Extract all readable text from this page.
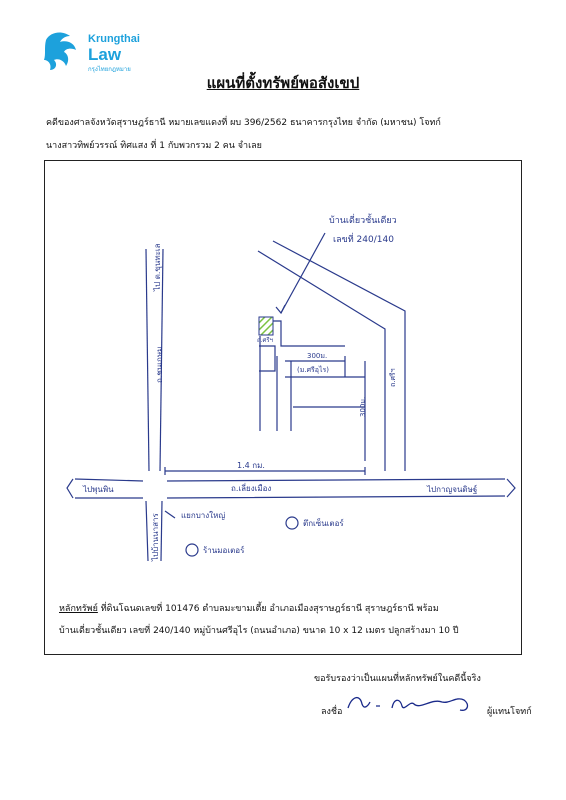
Krungthai
Law
กรุงไทยกฎหมาย
แผนที่ตั้งทรัพย์พอสังเขป
คดีของศาลจังหวัดสุราษฎร์ธานี หมายเลขแดงที่ ผบ 396/2562 ธนาคารกรุงไทย จำกัด (มหาชน) โจทก์
นางสาวทิพย์วรรณ์ ทิศแสง ที่ 1 กับพวกรวม 2 คน จำเลย
บ้านเดี่ยวชั้นเดียว
เลขที่ 240/140
ถ.ศรีฯ
300ม.
(ม.ศรีอุไร)
300ม.
ถ.ศรีฯ
1.4 กม.
ถ.ชนเกษม
ไป ต.ขุนทะเล
ถ.เลี่ยงเมือง
ไปพุนพิน	ไปกาญจนดิษฐ์
ไปบ้านนาสาร	แยกบางใหญ่
ตึกเซ็นเตอร์
ร้านมอเตอร์
หลักทรัพย์ ที่ดินโฉนดเลขที่ 101476 ตำบลมะขามเตี้ย อำเภอเมืองสุราษฎร์ธานี สุราษฎร์ธานี พร้อม
บ้านเดี่ยวชั้นเดียว เลขที่ 240/140 หมู่บ้านศรีอุไร (ถนนอำเภอ) ขนาด 10 x 12 เมตร ปลูกสร้างมา 10 ปี
ขอรับรองว่าเป็นแผนที่หลักทรัพย์ในคดีนี้จริง
ลงชื่อ	ผู้แทนโจทก์
